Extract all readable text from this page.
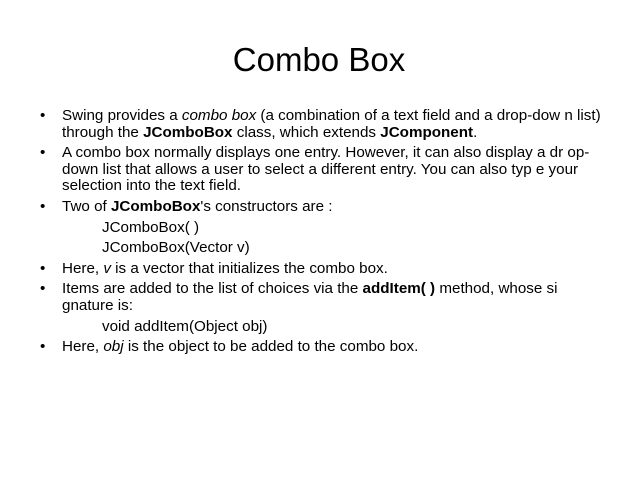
Combo Box
• Swing provides a combo box (a combination of a text field and a drop-dow n list) through the JComboBox class, which extends JComponent.
• A combo box normally displays one entry. However, it can also display a dr op-down list that allows a user to select a different entry. You can also typ e your selection into the text field.
• Two of JComboBox's constructors are :
JComboBox( )
JComboBox(Vector v)
• Here, v is a vector that initializes the combo box.
• Items are added to the list of choices via the addItem( ) method, whose si gnature is:
void addItem(Object obj)
• Here, obj is the object to be added to the combo box.
